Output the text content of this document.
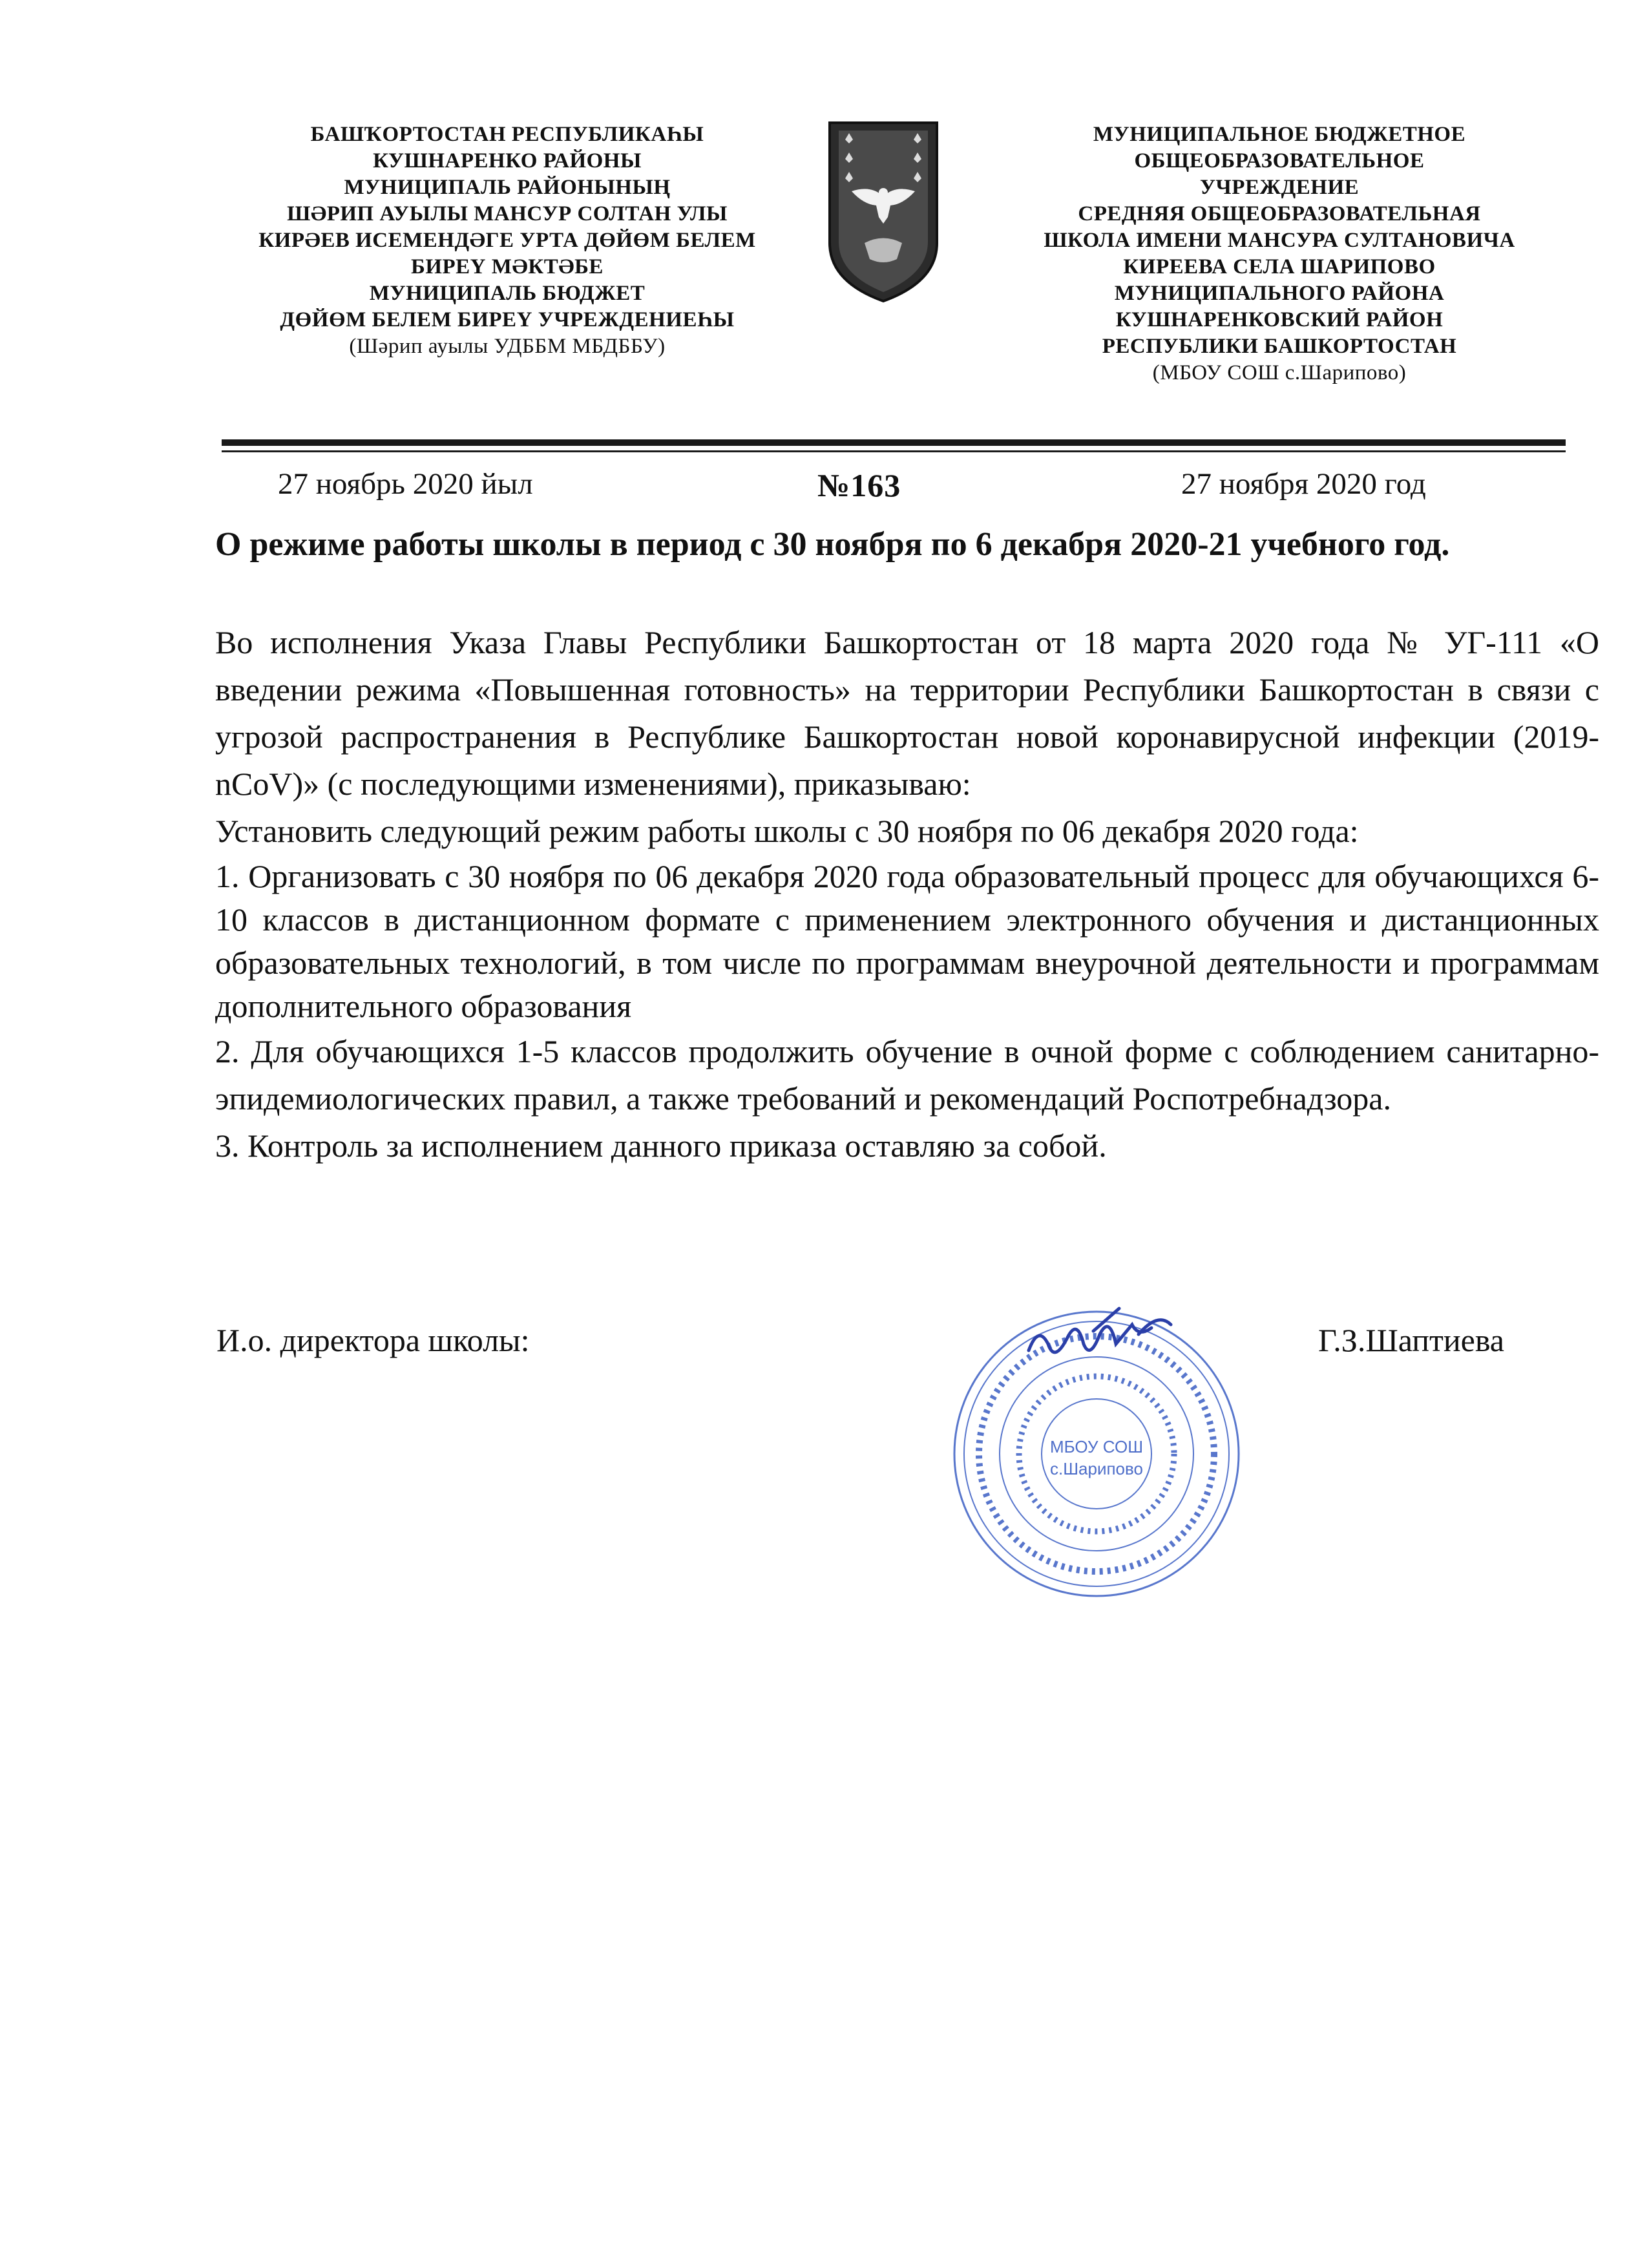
БАШҠОРТОСТАН РЕСПУБЛИКАҺЫ
КУШНАРЕНКО РАЙОНЫ
МУНИЦИПАЛЬ РАЙОНЫНЫҢ
ШӘРИП АУЫЛЫ МАНСУР СОЛТАН УЛЫ
КИРӘЕВ ИСЕМЕНДӘГЕ УРТА ДӨЙӨМ БЕЛЕМ
БИРЕҮ МӘКТӘБЕ
МУНИЦИПАЛЬ БЮДЖЕТ
ДӨЙӨМ БЕЛЕМ БИРЕҮ УЧРЕЖДЕНИЕҺЫ
(Шәрип ауылы УДББМ МБДББУ)
МУНИЦИПАЛЬНОЕ БЮДЖЕТНОЕ
ОБЩЕОБРАЗОВАТЕЛЬНОЕ
УЧРЕЖДЕНИЕ
СРЕДНЯЯ ОБЩЕОБРАЗОВАТЕЛЬНАЯ
ШКОЛА ИМЕНИ МАНСУРА СУЛТАНОВИЧА
КИРЕЕВА СЕЛА ШАРИПОВО
МУНИЦИПАЛЬНОГО РАЙОНА
КУШНАРЕНКОВСКИЙ РАЙОН
РЕСПУБЛИКИ БАШКОРТОСТАН
(МБОУ СОШ с.Шарипово)
27 ноябрь 2020 йыл	№163	27 ноября 2020 год
О режиме работы школы в период с 30 ноября по 6 декабря 2020-21 учебного год.

Во исполнения Указа Главы Республики Башкортостан от 18 марта 2020 года № УГ-111 «О введении режима «Повышенная готовность» на территории Республики Башкортостан в связи с угрозой распространения в Республике Башкортостан новой коронавирусной инфекции (2019-nCoV)» (с последующими изменениями), приказываю:

Установить следующий режим работы школы с 30 ноября по 06 декабря 2020 года:

1. Организовать с 30 ноября по 06 декабря 2020 года образовательный процесс для обучающихся 6-10 классов в дистанционном формате с применением электронного обучения и дистанционных образовательных технологий, в том числе по программам внеурочной деятельности и программам дополнительного образования

2. Для обучающихся 1-5 классов продолжить обучение в очной форме с соблюдением санитарно-эпидемиологических правил, а также требований и рекомендаций Роспотребнадзора.

3. Контроль за исполнением данного приказа оставляю за собой.

МБОУ СОШ
с.Шарипово
И.о. директора школы:	Г.З.Шаптиева
